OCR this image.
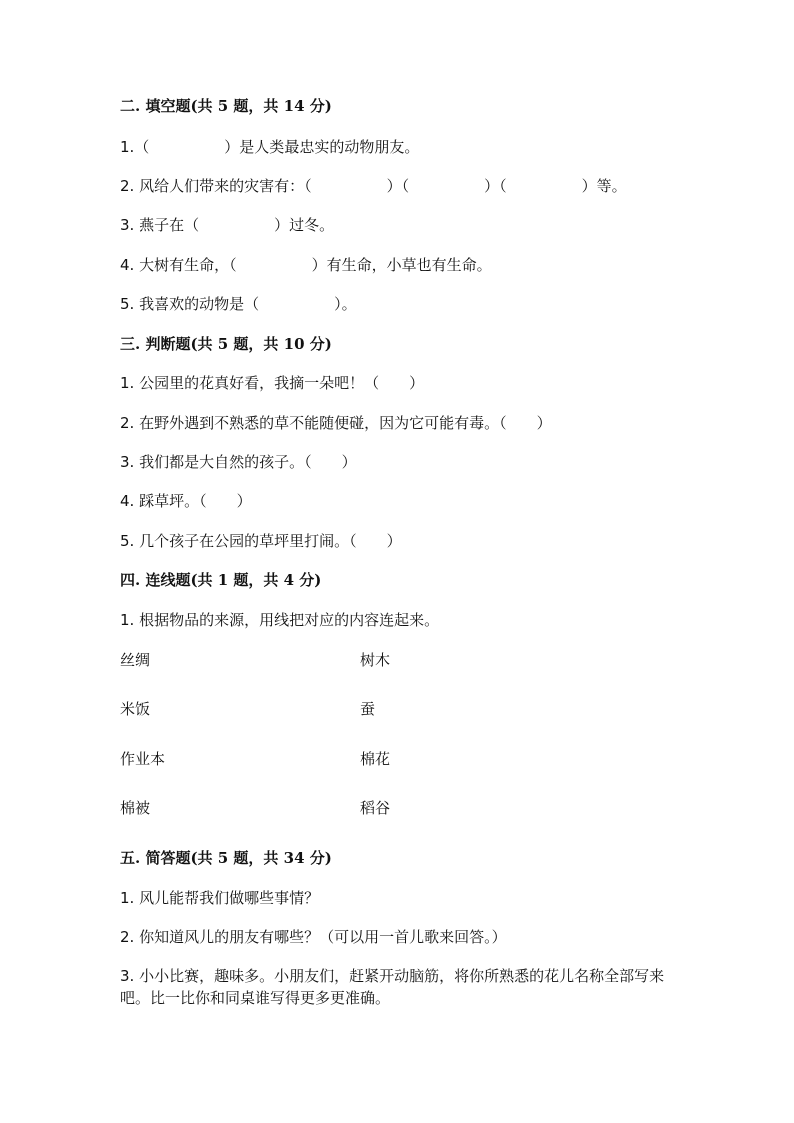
二. 填空题(共 5 题，共 14 分)
1.（　　　　　）是人类最忠实的动物朋友。
2. 风给人们带来的灾害有：（　　　　　）（　　　　　）（　　　　　）等。
3. 燕子在（　　　　　）过冬。
4. 大树有生命，（　　　　　）有生命，小草也有生命。
5. 我喜欢的动物是（　　　　　）。
三. 判断题(共 5 题，共 10 分)
1. 公园里的花真好看，我摘一朵吧！（　　）
2. 在野外遇到不熟悉的草不能随便碰，因为它可能有毒。（　　）
3. 我们都是大自然的孩子。（　　）
4. 踩草坪。（　　）
5. 几个孩子在公园的草坪里打闹。（　　）
四. 连线题(共 1 题，共 4 分)
1. 根据物品的来源，用线把对应的内容连起来。
丝绸	树木
米饭	蚕
作业本	棉花
棉被	稻谷
五. 简答题(共 5 题，共 34 分)
1. 风儿能帮我们做哪些事情？
2. 你知道风儿的朋友有哪些？（可以用一首儿歌来回答。）
3. 小小比赛，趣味多。小朋友们，赶紧开动脑筋，将你所熟悉的花儿名称全部写来吧。比一比你和同桌谁写得更多更准确。
